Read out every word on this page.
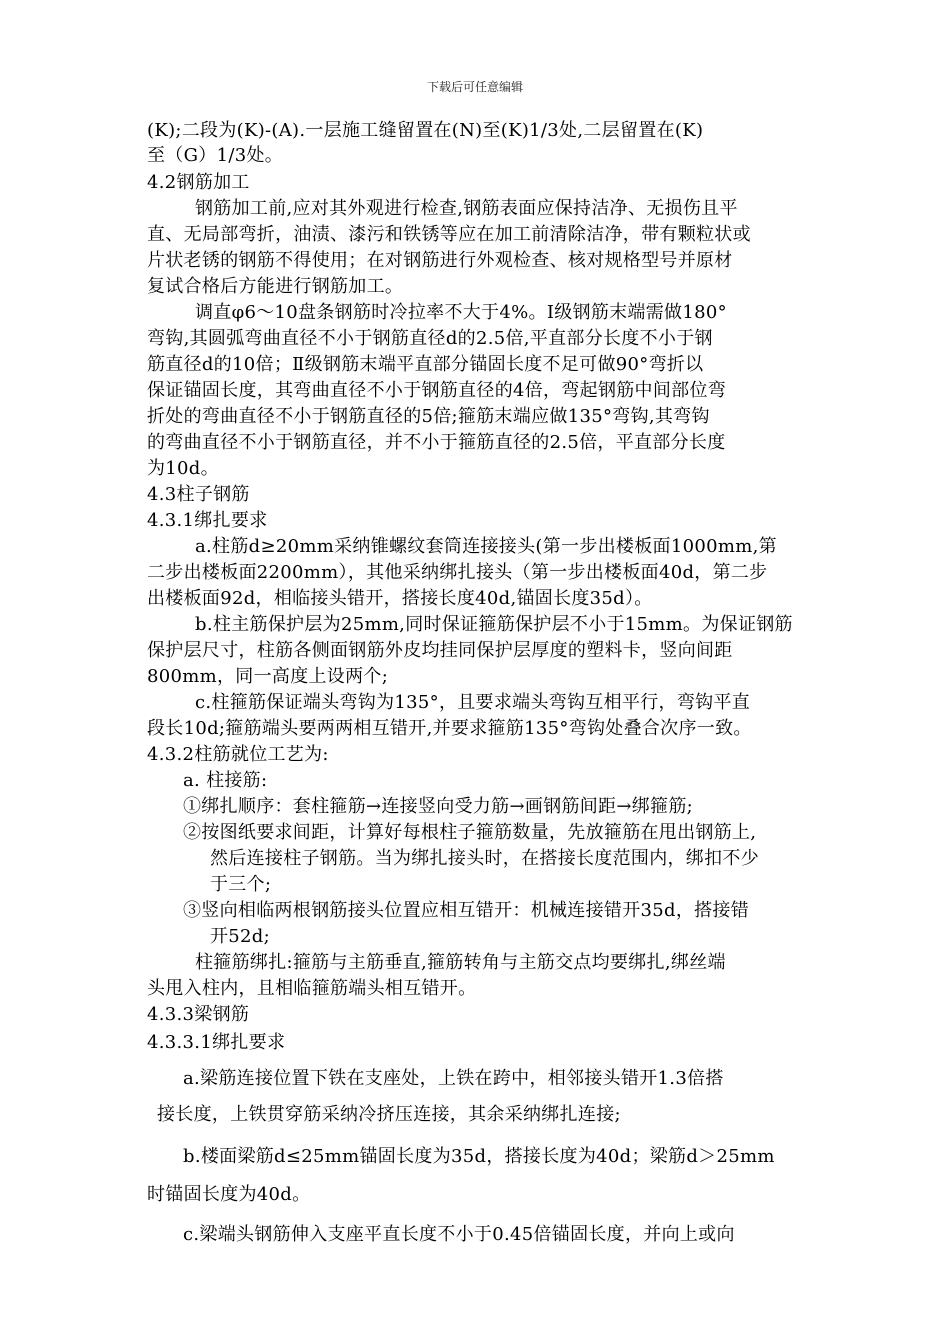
下载后可任意编辑
(K);二段为(K)-(A).一层施工缝留置在(N)至(K)1/3处,二层留置在(K)
至（G）1/3处。
4.2钢筋加工
钢筋加工前,应对其外观进行检查,钢筋表面应保持洁净、无损伤且平
直、无局部弯折，油渍、漆污和铁锈等应在加工前清除洁净，带有颗粒状或
片状老锈的钢筋不得使用；在对钢筋进行外观检查、核对规格型号并原材
复试合格后方能进行钢筋加工。
调直φ6～10盘条钢筋时冷拉率不大于4%。Ⅰ级钢筋末端需做180°
弯钩,其圆弧弯曲直径不小于钢筋直径d的2.5倍,平直部分长度不小于钢
筋直径d的10倍；Ⅱ级钢筋末端平直部分锚固长度不足可做90°弯折以
保证锚固长度，其弯曲直径不小于钢筋直径的4倍，弯起钢筋中间部位弯
折处的弯曲直径不小于钢筋直径的5倍;箍筋末端应做135°弯钩,其弯钩
的弯曲直径不小于钢筋直径，并不小于箍筋直径的2.5倍，平直部分长度
为10d。
4.3柱子钢筋
4.3.1绑扎要求
a.柱筋d≥20mm采纳锥螺纹套筒连接接头(第一步出楼板面1000mm,第
二步出楼板面2200mm），其他采纳绑扎接头（第一步出楼板面40d，第二步
出楼板面92d，相临接头错开，搭接长度40d,锚固长度35d）。
b.柱主筋保护层为25mm,同时保证箍筋保护层不小于15mm。为保证钢筋
保护层尺寸，柱筋各侧面钢筋外皮均挂同保护层厚度的塑料卡，竖向间距
800mm，同一高度上设两个;
c.柱箍筋保证端头弯钩为135°，且要求端头弯钩互相平行，弯钩平直
段长10d;箍筋端头要两两相互错开,并要求箍筋135°弯钩处叠合次序一致。
4.3.2柱筋就位工艺为:
a. 柱接筋:
①绑扎顺序：套柱箍筋→连接竖向受力筋→画钢筋间距→绑箍筋;
②按图纸要求间距，计算好每根柱子箍筋数量，先放箍筋在甩出钢筋上,
然后连接柱子钢筋。当为绑扎接头时，在搭接长度范围内，绑扣不少
于三个;
③竖向相临两根钢筋接头位置应相互错开：机械连接错开35d，搭接错
开52d;
柱箍筋绑扎:箍筋与主筋垂直,箍筋转角与主筋交点均要绑扎,绑丝端
头甩入柱内，且相临箍筋端头相互错开。
4.3.3梁钢筋
4.3.3.1绑扎要求
a.梁筋连接位置下铁在支座处，上铁在跨中，相邻接头错开1.3倍搭
接长度，上铁贯穿筋采纳冷挤压连接，其余采纳绑扎连接;
b.楼面梁筋d≤25mm锚固长度为35d，搭接长度为40d；梁筋d＞25mm
时锚固长度为40d。
c.梁端头钢筋伸入支座平直长度不小于0.45倍锚固长度，并向上或向
